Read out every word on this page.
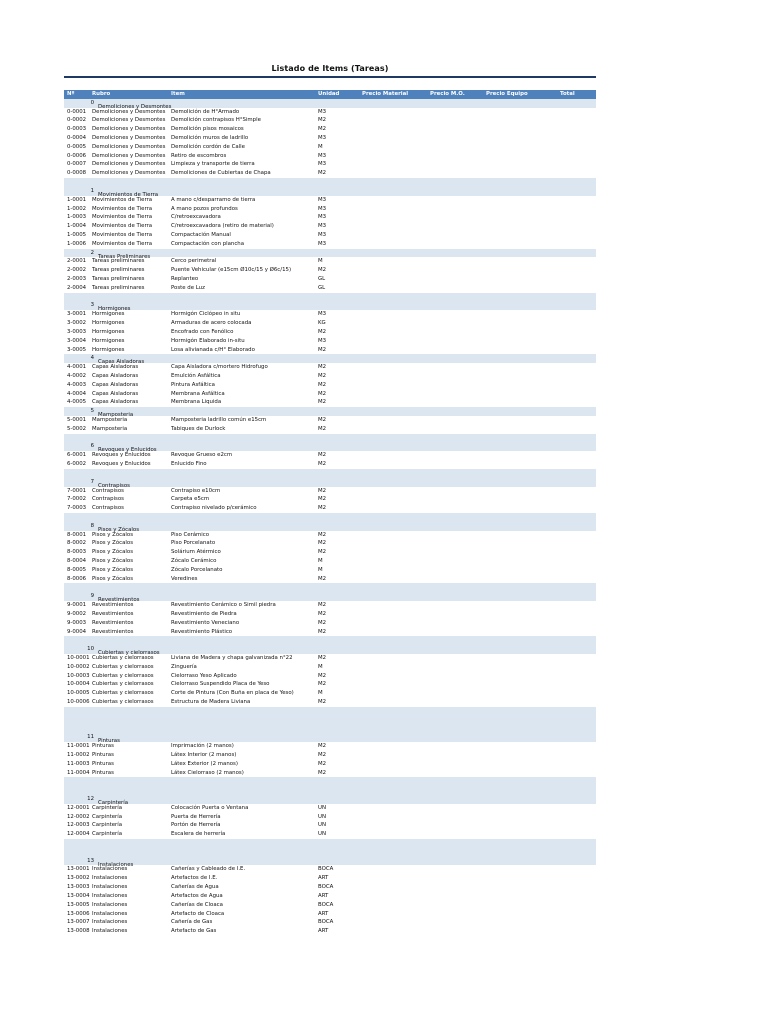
Listado de Items (Tareas)
Nº	Rubro	Item	Unidad	Precio Material	Precio M.O.	Precio Equipo	Total
0Demoliciones y Desmontes
0-0001	Demoliciones y Desmontes	Demolición de H°Armado	M3
0-0002	Demoliciones y Desmontes	Demolición contrapisos H°Simple	M2
0-0003	Demoliciones y Desmontes	Demolición pisos mosaicos	M2
0-0004	Demoliciones y Desmontes	Demolición muros de ladrillo	M3
0-0005	Demoliciones y Desmontes	Demolición cordón de Calle	M
0-0006	Demoliciones y Desmontes	Retiro de escombros	M3
0-0007	Demoliciones y Desmontes	Limpieza y transporte de tierra	M3
0-0008	Demoliciones y Desmontes	Demoliciones de Cubiertas de Chapa	M2
1Movimientos de Tierra
1-0001	Movimientos de Tierra	A mano c/desparramo de tierra	M3
1-0002	Movimientos de Tierra	A mano pozos profundos	M3
1-0003	Movimientos de Tierra	C/retroexcavadora	M3
1-0004	Movimientos de Tierra	C/retroexcavadora (retiro de material)	M3
1-0005	Movimientos de Tierra	Compactación Manual	M3
1-0006	Movimientos de Tierra	Compactación con plancha	M3
2Tareas Preliminares
2-0001	Tareas preliminares	Cerco perimetral	M
2-0002	Tareas preliminares	Puente Vehicular (e15cm Ø10c/15 y Ø6c/15)	M2
2-0003	Tareas preliminares	Replanteo	GL
2-0004	Tareas preliminares	Poste de Luz	GL
3Hormigones
3-0001	Hormigones	Hormigón Ciclópeo in situ	M3
3-0002	Hormigones	Armaduras de acero colocada	KG
3-0003	Hormigones	Encofrado con Fenólico	M2
3-0004	Hormigones	Hormigón Elaborado in-situ	M3
3-0005	Hormigones	Losa alivianada c/H° Elaborado	M2
4Capas Aisladoras
4-0001	Capas Aisladoras	Capa Aisladora c/mortero Hidrofugo	M2
4-0002	Capas Aisladoras	Emulción Asfáltica	M2
4-0003	Capas Aisladoras	Pintura Asfáltica	M2
4-0004	Capas Aisladoras	Membrana Asfáltica	M2
4-0005	Capas Aisladoras	Membrana Liquida	M2
5Mamposteria
5-0001	Mamposteria	Mamposteria ladrillo común e15cm	M2
5-0002	Mamposteria	Tabiques de Durlock	M2
6Revoques y Enlucidos
6-0001	Revoques y Enlucidos	Revoque Grueso e2cm	M2
6-0002	Revoques y Enlucidos	Enlucido Fino	M2
7Contrapisos
7-0001	Contrapisos	Contrapiso e10cm	M2
7-0002	Contrapisos	Carpeta e5cm	M2
7-0003	Contrapisos	Contrapiso nivelado p/cerámico	M2
8Pisos y Zócalos
8-0001	Pisos y Zócalos	Piso Cerámico	M2
8-0002	Pisos y Zócalos	Piso Porcelanato	M2
8-0003	Pisos y Zócalos	Solárium Atérmico	M2
8-0004	Pisos y Zócalos	Zócalo Cerámico	M
8-0005	Pisos y Zócalos	Zócalo Porcelanato	M
8-0006	Pisos y Zócalos	Veredines	M2
9Revestimientos
9-0001	Revestimientos	Revestimiento Cerámico o Simil piedra	M2
9-0002	Revestimientos	Revestimiento de Piedra	M2
9-0003	Revestimientos	Revestimiento Veneciano	M2
9-0004	Revestimientos	Revestimiento Plástico	M2
10Cubiertas y cielorrasos
10-0001 Cubiertas y cielorrasos	Liviana de Madera y chapa galvanizada n°22	M2
10-0002 Cubiertas y cielorrasos	Zinguería	M
10-0003 Cubiertas y cielorrasos	Cielorraso Yeso Aplicado	M2
10-0004 Cubiertas y cielorrasos	Cielorraso Suspendido Placa de Yeso	M2
10-0005 Cubiertas y cielorrasos	Corte de Pintura (Con Buña en placa de Yeso)	M
10-0006 Cubiertas y cielorrasos	Estructura de Madera Liviana	M2
11Pinturas
11-0001 Pinturas	Imprimación (2 manos)	M2
11-0002 Pinturas	Látex Interior (2 manos)	M2
11-0003 Pinturas	Látex Exterior (2 manos)	M2
11-0004 Pinturas	Látex Cielorraso (2 manos)	M2
12Carpintería
12-0001 Carpintería	Colocación Puerta o Ventana	UN
12-0002 Carpintería	Puerta de Herrería	UN
12-0003 Carpintería	Portón de Herrería	UN
12-0004 Carpintería	Escalera de herrería	UN
13Instalaciones
13-0001 Instalaciones	Cañerías y Cableado de I.E.	BOCA
13-0002 Instalaciones	Artefactos de I.E.	ART
13-0003 Instalaciones	Cañerías de Agua	BOCA
13-0004 Instalaciones	Artefactos de Agua	ART
13-0005 Instalaciones	Cañerías de Cloaca	BOCA
13-0006 Instalaciones	Artefacto de Cloaca	ART
13-0007 Instalaciones	Cañería de Gas	BOCA
13-0008 Instalaciones	Artefacto de Gas	ART
